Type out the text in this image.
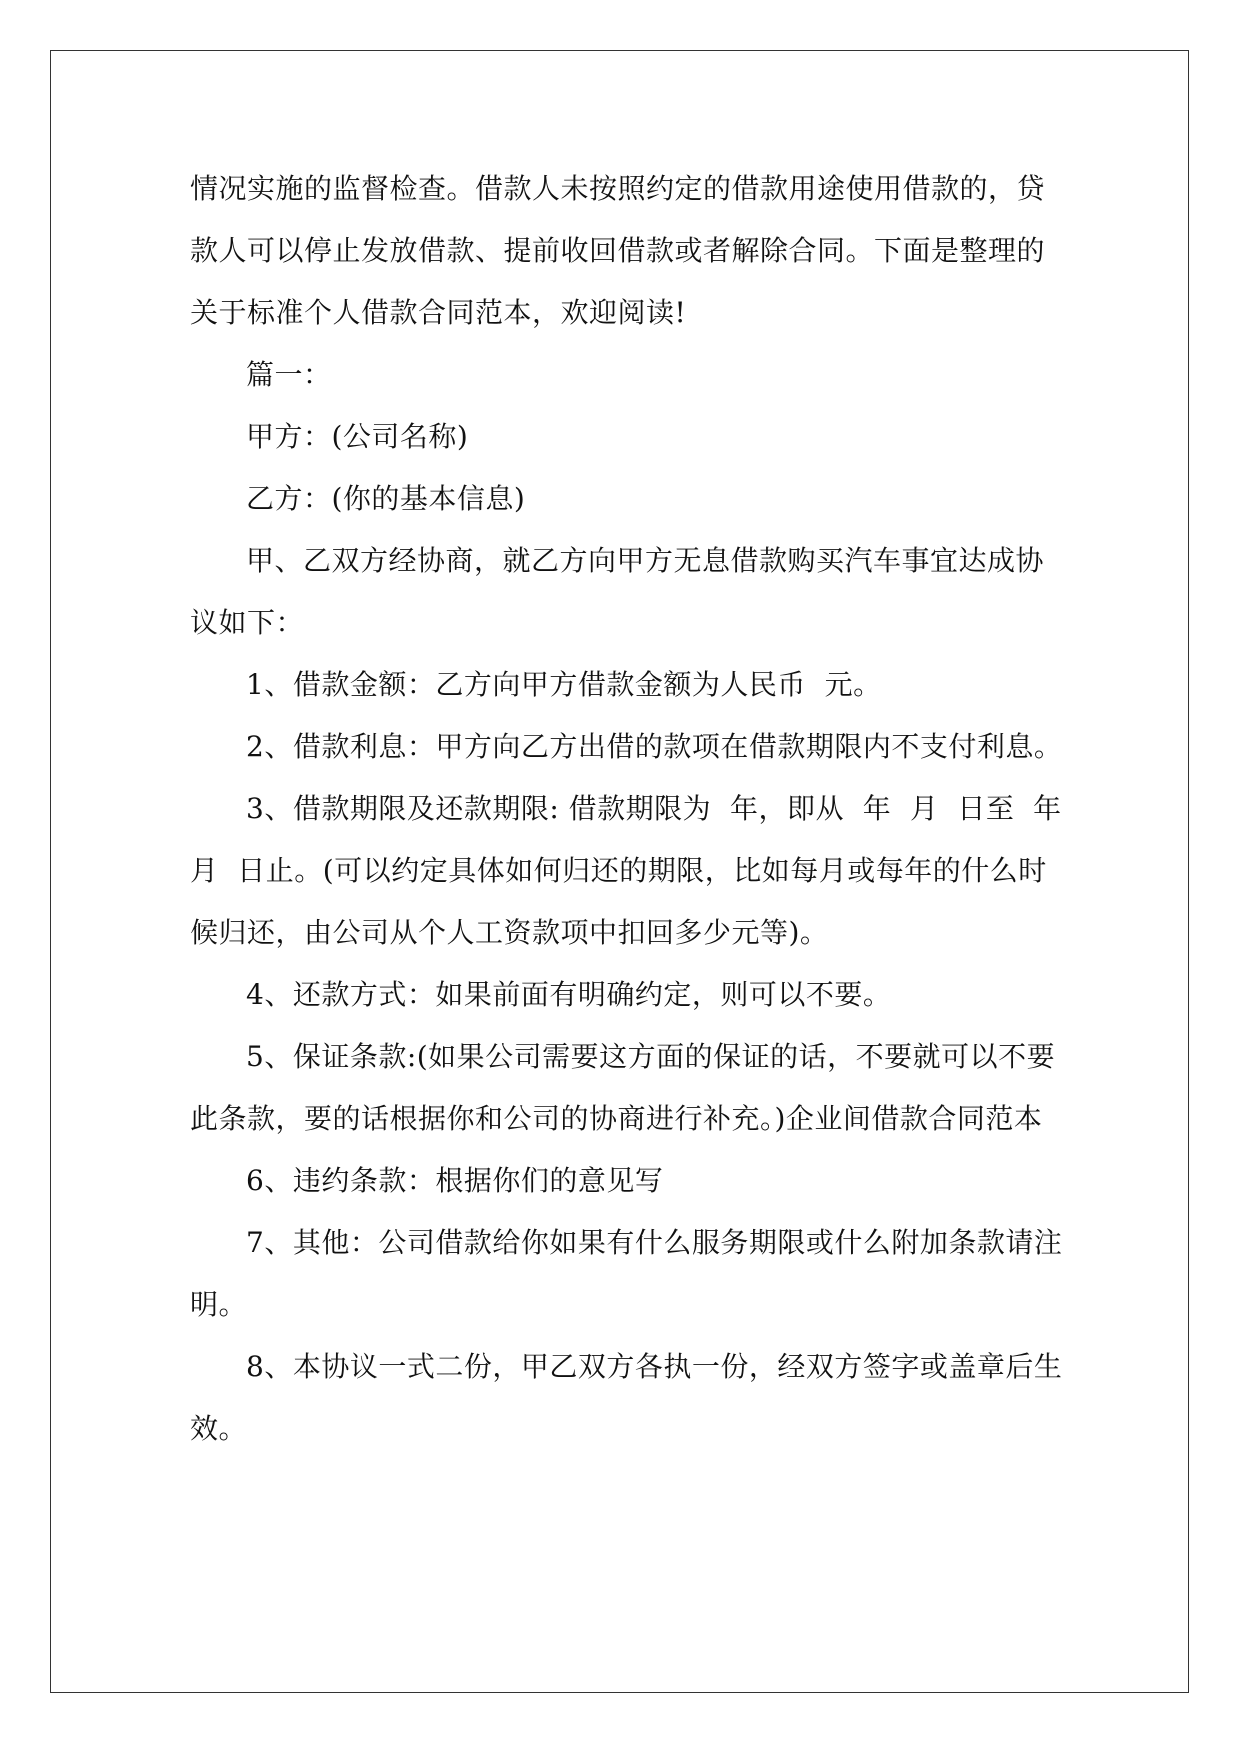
情况实施的监督检查。借款人未按照约定的借款用途使用借款的，贷款人可以停止发放借款、提前收回借款或者解除合同。下面是整理的关于标准个人借款合同范本，欢迎阅读!

篇一：

甲方：(公司名称)

乙方：(你的基本信息)

甲、乙双方经协商，就乙方向甲方无息借款购买汽车事宜达成协议如下：

1、借款金额：乙方向甲方借款金额为人民币  元。

2、借款利息：甲方向乙方出借的款项在借款期限内不支付利息。

3、借款期限及还款期限: 借款期限为  年，即从  年  月  日至  年  月  日止。(可以约定具体如何归还的期限，比如每月或每年的什么时候归还，由公司从个人工资款项中扣回多少元等)。

4、还款方式：如果前面有明确约定，则可以不要。

5、保证条款:(如果公司需要这方面的保证的话，不要就可以不要此条款，要的话根据你和公司的协商进行补充。)企业间借款合同范本

6、违约条款：根据你们的意见写

7、其他：公司借款给你如果有什么服务期限或什么附加条款请注明。

8、本协议一式二份，甲乙双方各执一份，经双方签字或盖章后生效。
